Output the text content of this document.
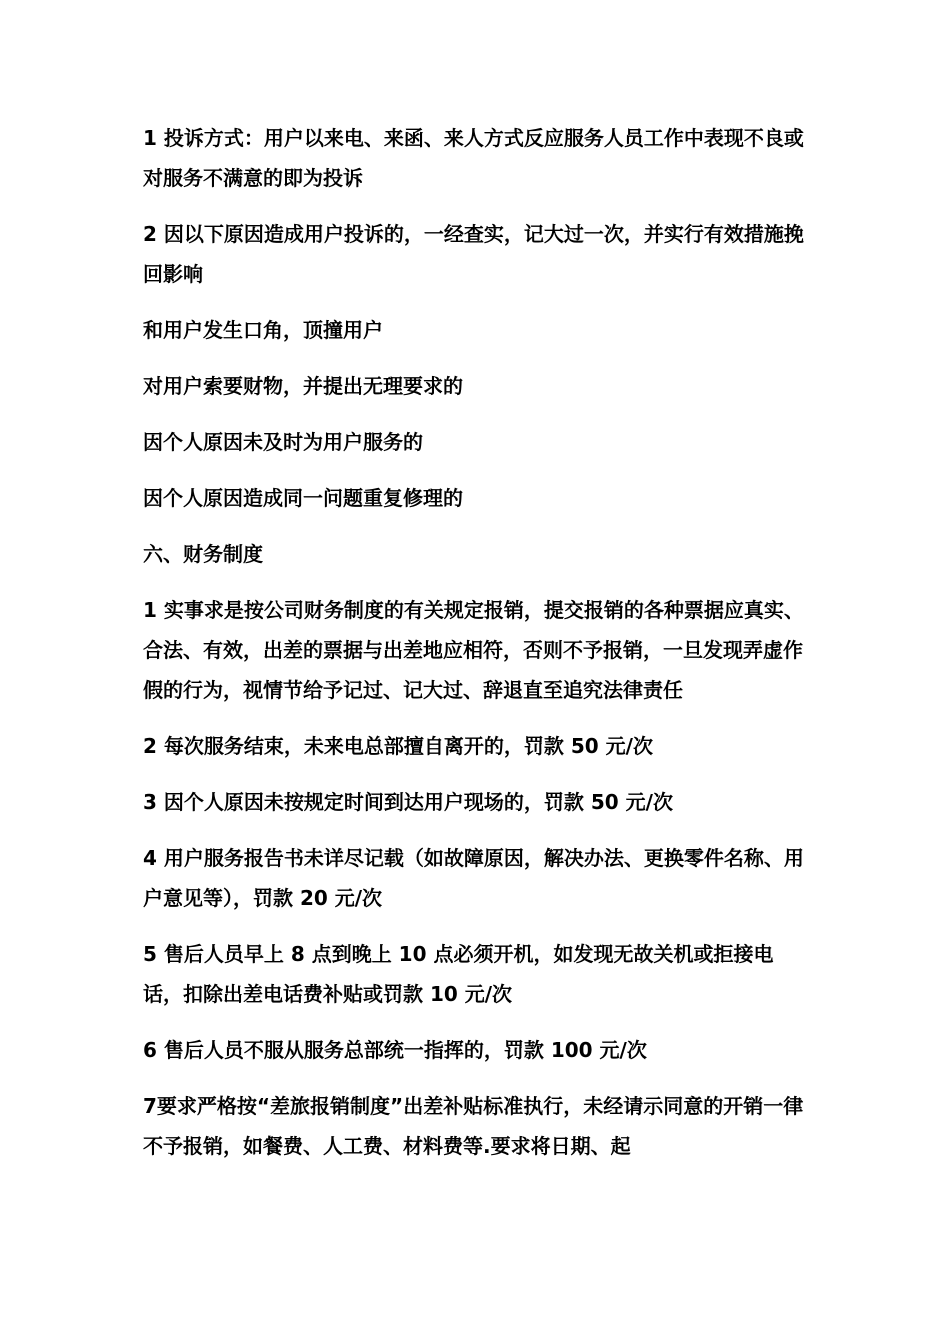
1 投诉方式：用户以来电、来函、来人方式反应服务人员工作中表现不良或对服务不满意的即为投诉

2 因以下原因造成用户投诉的，一经查实，记大过一次，并实行有效措施挽回影响

和用户发生口角，顶撞用户

对用户索要财物，并提出无理要求的

因个人原因未及时为用户服务的

因个人原因造成同一问题重复修理的

六、财务制度

1 实事求是按公司财务制度的有关规定报销，提交报销的各种票据应真实、合法、有效，出差的票据与出差地应相符，否则不予报销，一旦发现弄虚作假的行为，视情节给予记过、记大过、辞退直至追究法律责任

2 每次服务结束，未来电总部擅自离开的，罚款 50 元/次

3 因个人原因未按规定时间到达用户现场的，罚款 50 元/次

4 用户服务报告书未详尽记载（如故障原因，解决办法、更换零件名称、用户意见等），罚款 20 元/次

5 售后人员早上 8 点到晚上 10 点必须开机，如发现无故关机或拒接电话，扣除出差电话费补贴或罚款 10 元/次

6 售后人员不服从服务总部统一指挥的，罚款 100 元/次

7要求严格按“差旅报销制度”出差补贴标准执行，未经请示同意的开销一律不予报销，如餐费、人工费、材料费等.要求将日期、起
